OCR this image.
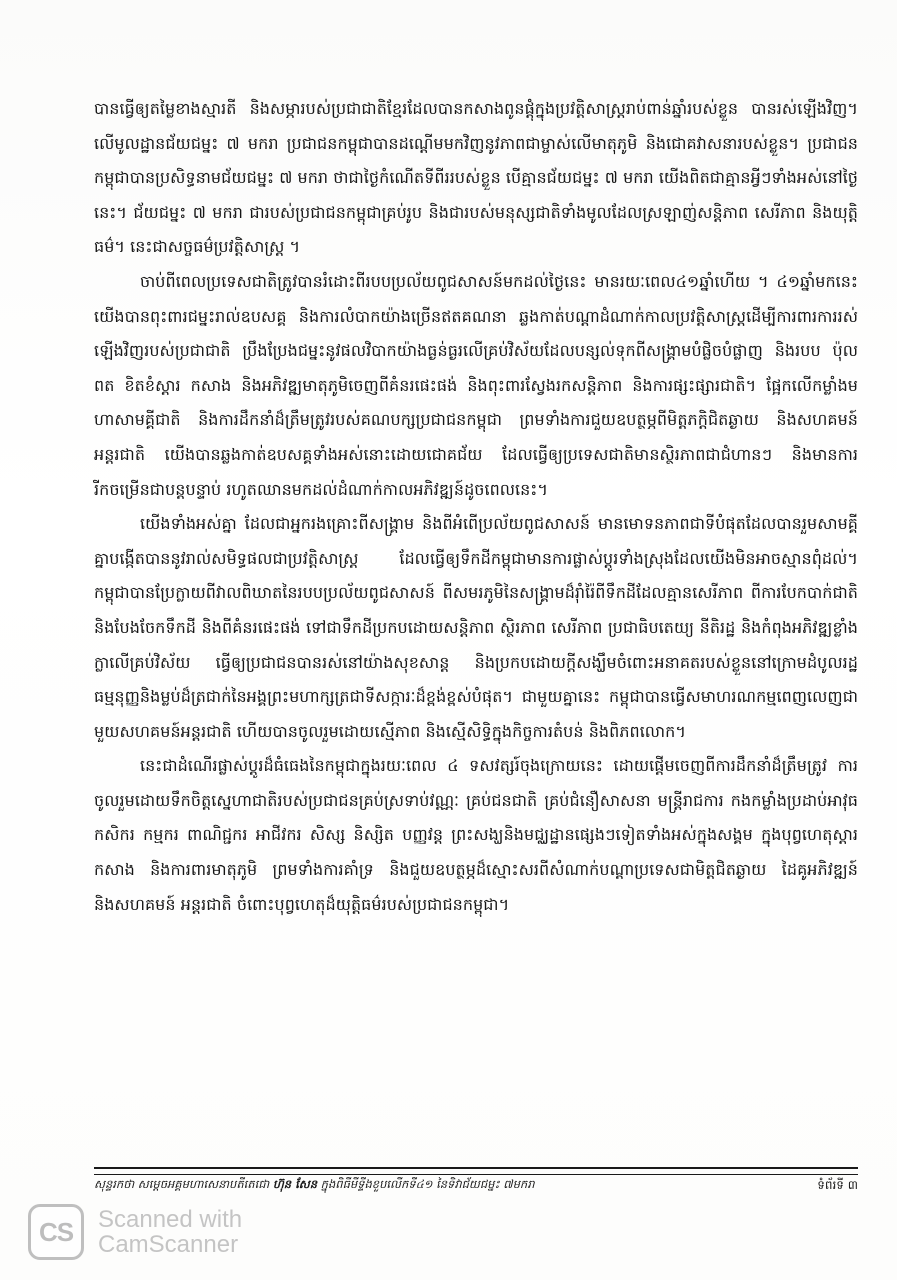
បានធ្វើឲ្យតម្លៃខាងស្មារតី និងសម្ភារបស់ប្រជាជាតិខ្មែរដែលបានកសាងពូនផ្តុំក្នុងប្រវត្តិសាស្ត្ររាប់ពាន់ឆ្នាំរបស់ខ្លួន បានរស់ឡើងវិញ។ លើមូលដ្ឋានជ័យជម្នះ ៧ មករា ប្រជាជនកម្ពុជាបានដណ្តើមមកវិញនូវភាពជាម្ចាស់លើមាតុភូមិ និងជោគវាសនារបស់ខ្លួន។ ប្រជាជនកម្ពុជាបានប្រសិទ្ធនាមជ័យជម្នះ ៧ មករា ថាជាថ្ងៃកំណើតទីពីររបស់ខ្លួន បើគ្មានជ័យជម្នះ ៧ មករា យើងពិតជាគ្មានអ្វីៗទាំងអស់នៅថ្ងៃនេះ។ ជ័យជម្នះ ៧ មករា ជារបស់ប្រជាជនកម្ពុជាគ្រប់រូប និងជារបស់មនុស្សជាតិទាំងមូលដែលស្រឡាញ់សន្តិភាព សេរីភាព និងយុត្តិធម៌។ នេះជាសច្ចធម៌ប្រវត្តិសាស្ត្រ ។

ចាប់ពីពេលប្រទេសជាតិត្រូវបានរំដោះពីរបបប្រល័យពូជសាសន៍មកដល់ថ្ងៃនេះ មានរយៈពេល៤១ឆ្នាំហើយ ។ ៤១ឆ្នាំមកនេះយើងបានពុះពារជម្នះរាល់ឧបសគ្គ និងការលំបាកយ៉ាងច្រើនឥតគណនា ឆ្លងកាត់បណ្តាដំណាក់កាលប្រវត្តិសាស្ត្រដើម្បីការពារការរស់ឡើងវិញរបស់ប្រជាជាតិ ប្រឹងប្រែងជម្នះនូវផលវិបាកយ៉ាងធ្ងន់ធ្ងរលើគ្រប់វិស័យដែលបន្សល់ទុកពីសង្គ្រាមបំផ្លិចបំផ្លាញ និងរបប ប៉ុល ពត ខិតខំស្តារ កសាង និងអភិវឌ្ឍមាតុភូមិចេញពីគំនរផេះផង់ និងពុះពារស្វែងរកសន្តិភាព និងការផ្សះផ្សារជាតិ។ ផ្អែកលើកម្លាំងមហាសាមគ្គីជាតិ និងការដឹកនាំដ៏ត្រឹមត្រូវរបស់គណបក្សប្រជាជនកម្ពុជា ព្រមទាំងការជួយឧបត្ថម្ភពីមិត្តភក្តិជិតឆ្ងាយ និងសហគមន៍អន្តរជាតិ យើងបានឆ្លងកាត់ឧបសគ្គទាំងអស់នោះដោយជោគជ័យ ដែលធ្វើឲ្យប្រទេសជាតិមានស្ថិរភាពជាជំហានៗ និងមានការរីកចម្រើនជាបន្តបន្ទាប់ រហូតឈានមកដល់ដំណាក់កាលអភិវឌ្ឍន៍ដូចពេលនេះ។

យើងទាំងអស់គ្នា ដែលជាអ្នករងគ្រោះពីសង្គ្រាម និងពីអំពើប្រល័យពូជសាសន៍ មានមោទនភាពជាទីបំផុតដែលបានរួមសាមគ្គីគ្នាបង្កើតបាននូវរាល់សមិទ្ធផលជាប្រវត្តិសាស្ត្រ ដែលធ្វើឲ្យទឹកដីកម្ពុជាមានការផ្លាស់ប្តូរទាំងស្រុងដែលយើងមិនអាចស្មានពុំដល់។ កម្ពុជាបានប្រែក្លាយពីវាលពិឃាតនៃរបបប្រល័យពូជសាសន៍ ពីសមរភូមិនៃសង្គ្រាមដ៏រ៉ាំរ៉ៃពីទឹកដីដែលគ្មានសេរីភាព ពីការបែកបាក់ជាតិ និងបែងចែកទឹកដី និងពីគំនរផេះផង់ ទៅជាទឹកដីប្រកបដោយសន្តិភាព ស្ថិរភាព សេរីភាព ប្រជាធិបតេយ្យ នីតិរដ្ឋ និងកំពុងអភិវឌ្ឍខ្លាំងក្លាលើគ្រប់វិស័យ ធ្វើឲ្យប្រជាជនបានរស់នៅយ៉ាងសុខសាន្ត និងប្រកបដោយក្តីសង្ឃឹមចំពោះអនាគតរបស់ខ្លួននៅក្រោមដំបូលរដ្ឋធម្មនុញ្ញនិងម្លប់ដ៏ត្រជាក់នៃអង្គព្រះមហាក្សត្រជាទីសក្ការៈដ៏ខ្ពង់ខ្ពស់បំផុត។ ជាមួយគ្នានេះ កម្ពុជាបានធ្វើសមាហរណកម្មពេញលេញជាមួយសហគមន៍អន្តរជាតិ ហើយបានចូលរួមដោយស្មើភាព និងស្មើសិទ្ធិក្នុងកិច្ចការតំបន់ និងពិភពលោក។

នេះជាដំណើរផ្លាស់ប្តូរដ៏ធំធេងនៃកម្ពុជាក្នុងរយៈពេល ៤ ទសវត្សរ៍ចុងក្រោយនេះ ដោយផ្តើមចេញពីការដឹកនាំដ៏ត្រឹមត្រូវ ការចូលរួមដោយទឹកចិត្តស្នេហាជាតិរបស់ប្រជាជនគ្រប់ស្រទាប់វណ្ណៈ គ្រប់ជនជាតិ គ្រប់ជំនឿសាសនា មន្ត្រីរាជការ កងកម្លាំងប្រដាប់អាវុធ កសិករ កម្មករ ពាណិជ្ជករ អាជីវករ សិស្ស និស្សិត បញ្ញវន្ត ព្រះសង្ឃនិងមជ្ឈដ្ឋានផ្សេងៗទៀតទាំងអស់ក្នុងសង្គម ក្នុងបុព្វហេតុស្តារ កសាង និងការពារមាតុភូមិ ព្រមទាំងការគាំទ្រ និងជួយឧបត្ថម្ភដ៏ស្មោះសរពីសំណាក់បណ្តាប្រទេសជាមិត្តជិតឆ្ងាយ ដៃគូអភិវឌ្ឍន៍ និងសហគមន៍ អន្តរជាតិ ចំពោះបុព្វហេតុដ៏យុត្តិធម៌របស់ប្រជាជនកម្ពុជា។

សុន្ទរកថា សម្តេចអគ្គមហាសេនាបតីតេជោ ហ៊ុន សែន ក្នុងពិធីមីទ្ទីងខួបលើកទី៤១ នៃទិវាជ័យជម្នះ ៧មករា	ទំព័រទី ៣
CS	Scanned with
CamScanner
